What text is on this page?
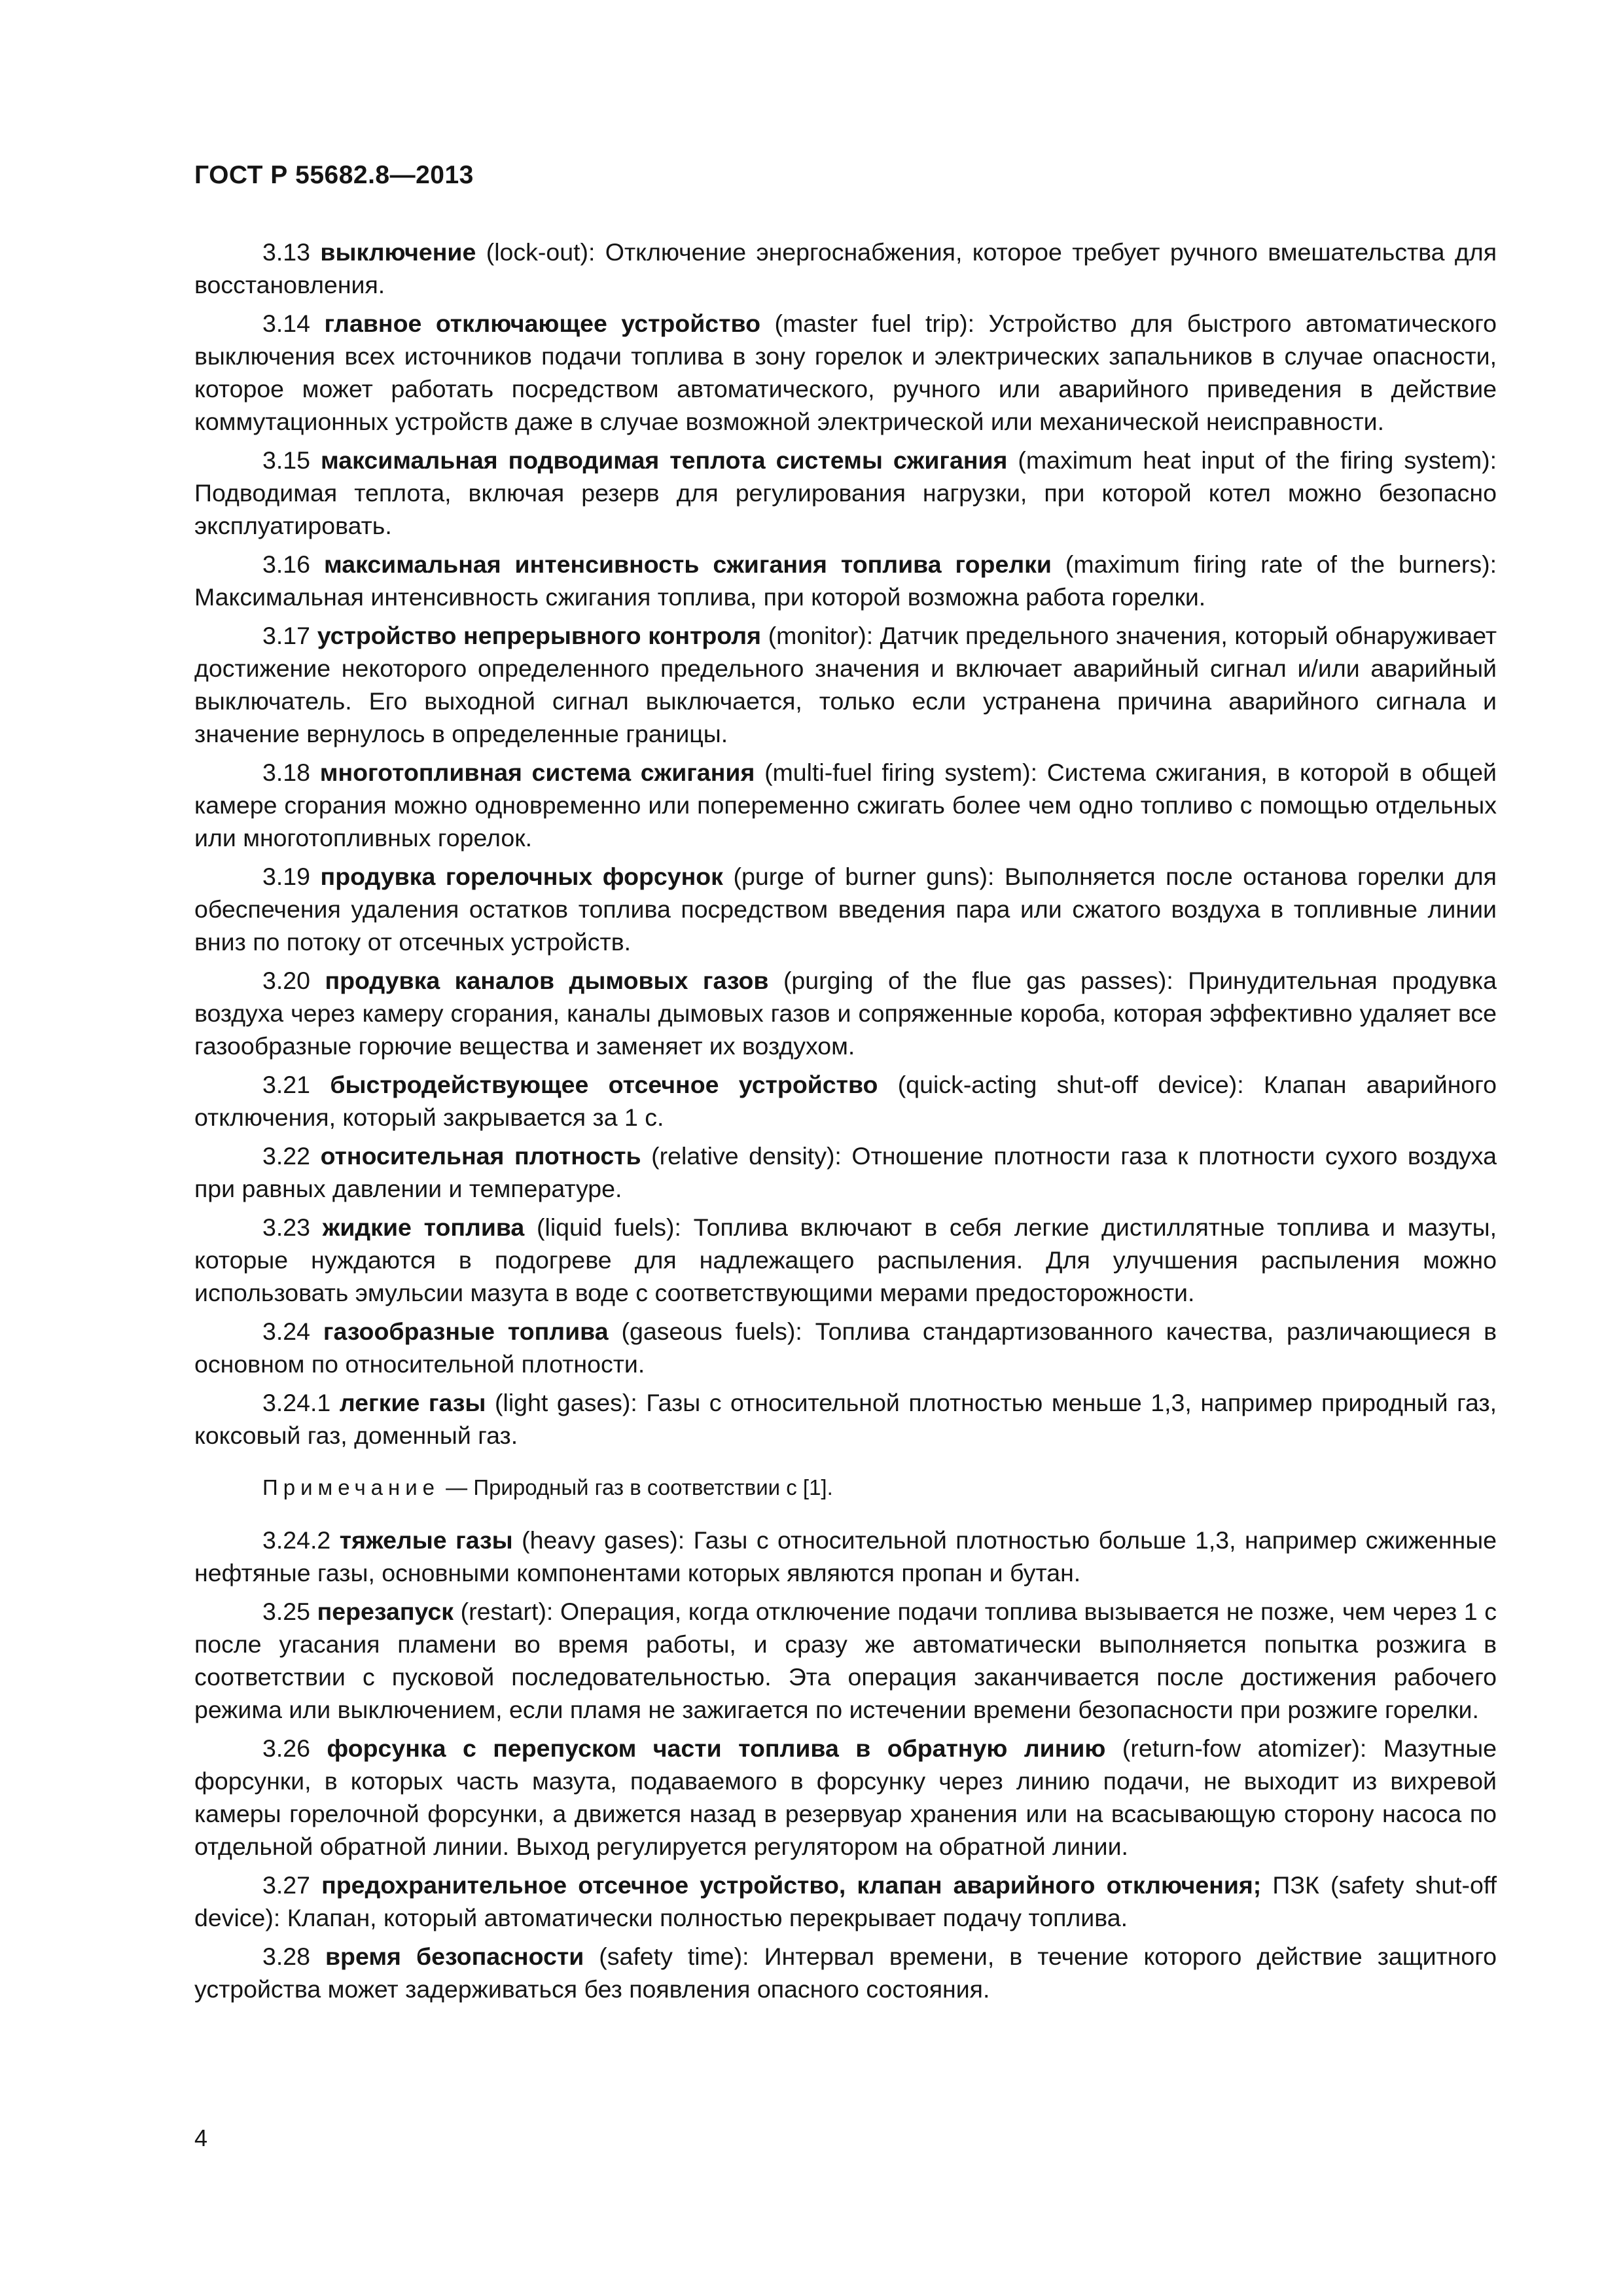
ГОСТ Р 55682.8—2013

3.13 выключение (lock-out): Отключение энергоснабжения, которое требует ручного вмешательства для восстановления.

3.14 главное отключающее устройство (master fuel trip): Устройство для быстрого автоматического выключения всех источников подачи топлива в зону горелок и электрических запальников в случае опасности, которое может работать посредством автоматического, ручного или аварийного приведения в действие коммутационных устройств даже в случае возможной электрической или механической неисправности.

3.15 максимальная подводимая теплота системы сжигания (maximum heat input of the firing system): Подводимая теплота, включая резерв для регулирования нагрузки, при которой котел можно безопасно эксплуатировать.

3.16 максимальная интенсивность сжигания топлива горелки (maximum firing rate of the burners): Максимальная интенсивность сжигания топлива, при которой возможна работа горелки.

3.17 устройство непрерывного контроля (monitor): Датчик предельного значения, который обнаруживает достижение некоторого определенного предельного значения и включает аварийный сигнал и/или аварийный выключатель. Его выходной сигнал выключается, только если устранена причина аварийного сигнала и значение вернулось в определенные границы.

3.18 многотопливная система сжигания (multi-fuel firing system): Система сжигания, в которой в общей камере сгорания можно одновременно или попеременно сжигать более чем одно топливо с помощью отдельных или многотопливных горелок.

3.19 продувка горелочных форсунок (purge of burner guns): Выполняется после останова горелки для обеспечения удаления остатков топлива посредством введения пара или сжатого воздуха в топливные линии вниз по потоку от отсечных устройств.

3.20 продувка каналов дымовых газов (purging of the flue gas passes): Принудительная продувка воздуха через камеру сгорания, каналы дымовых газов и сопряженные короба, которая эффективно удаляет все газообразные горючие вещества и заменяет их воздухом.

3.21 быстродействующее отсечное устройство (quick-acting shut-off device): Клапан аварийного отключения, который закрывается за 1 с.

3.22 относительная плотность (relative density): Отношение плотности газа к плотности сухого воздуха при равных давлении и температуре.

3.23 жидкие топлива (liquid fuels): Топлива включают в себя легкие дистиллятные топлива и мазуты, которые нуждаются в подогреве для надлежащего распыления. Для улучшения распыления можно использовать эмульсии мазута в воде с соответствующими мерами предосторожности.

3.24 газообразные топлива (gaseous fuels): Топлива стандартизованного качества, различающиеся в основном по относительной плотности.

3.24.1 легкие газы (light gases): Газы с относительной плотностью меньше 1,3, например природный газ, коксовый газ, доменный газ.

Примечание — Природный газ в соответствии с [1].

3.24.2 тяжелые газы (heavy gases): Газы с относительной плотностью больше 1,3, например сжиженные нефтяные газы, основными компонентами которых являются пропан и бутан.

3.25 перезапуск (restart): Операция, когда отключение подачи топлива вызывается не позже, чем через 1 с после угасания пламени во время работы, и сразу же автоматически выполняется попытка розжига в соответствии с пусковой последовательностью. Эта операция заканчивается после достижения рабочего режима или выключением, если пламя не зажигается по истечении времени безопасности при розжиге горелки.

3.26 форсунка с перепуском части топлива в обратную линию (return-fow atomizer): Мазутные форсунки, в которых часть мазута, подаваемого в форсунку через линию подачи, не выходит из вихревой камеры горелочной форсунки, а движется назад в резервуар хранения или на всасывающую сторону насоса по отдельной обратной линии. Выход регулируется регулятором на обратной линии.

3.27 предохранительное отсечное устройство, клапан аварийного отключения; ПЗК (safety shut-off device): Клапан, который автоматически полностью перекрывает подачу топлива.

3.28 время безопасности (safety time): Интервал времени, в течение которого действие защитного устройства может задерживаться без появления опасного состояния.

4
